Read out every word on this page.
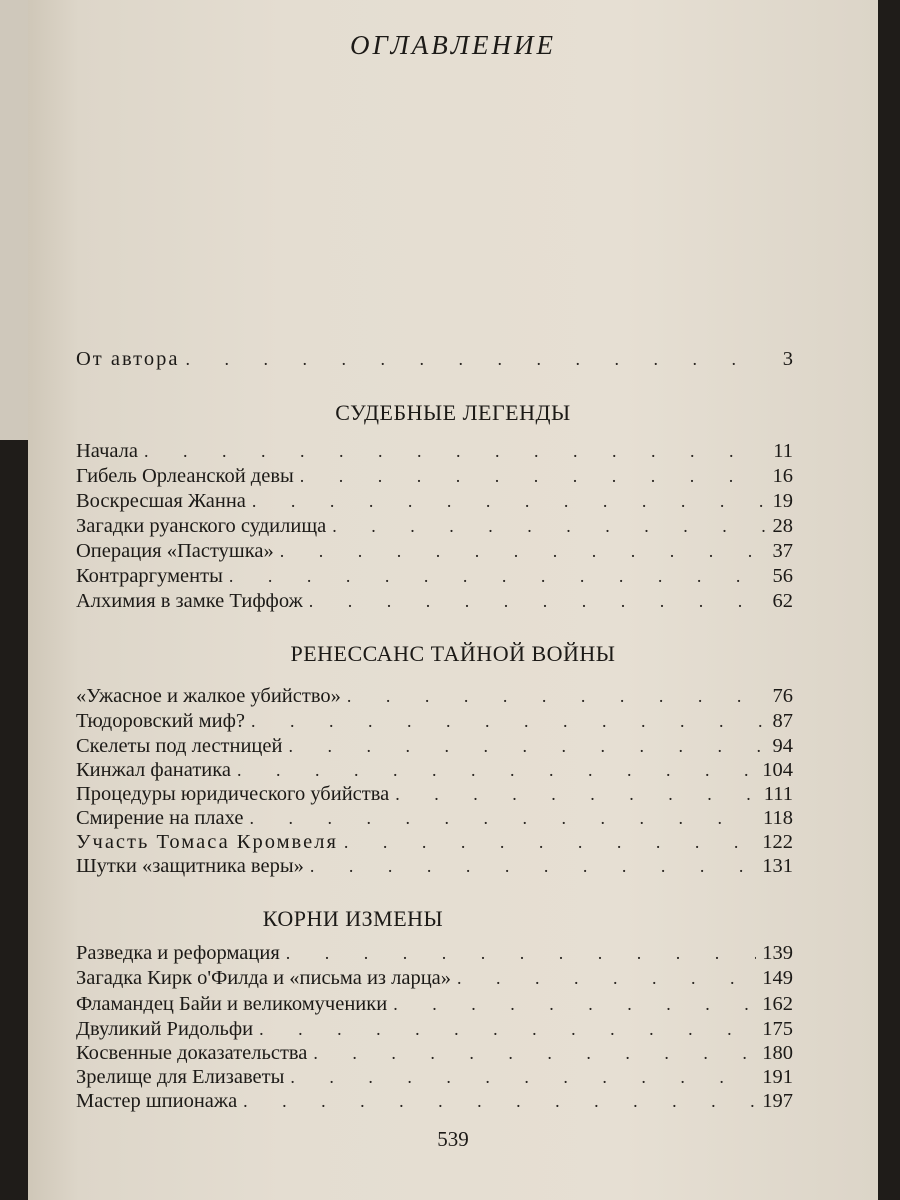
ОГЛАВЛЕНИЕ
От автора . . .	3
СУДЕБНЫЕ ЛЕГЕНДЫ
Начала . . .	11
Гибель Орлеанской девы . . .	16
Воскресшая Жанна . . .	19
Загадки руанского судилища . . .	28
Операция «Пастушка» . . .	37
Контраргументы . . .	56
Алхимия в замке Тиффож . . .	62
РЕНЕССАНС ТАЙНОЙ ВОЙНЫ
«Ужасное и жалкое убийство» . . .	76
Тюдоровский миф? . . .	87
Скелеты под лестницей . . .	94
Кинжал фанатика . . .	104
Процедуры юридического убийства . . .	111
Смирение на плахе . . .	118
Участь Томаса Кромвеля . . .	122
Шутки «защитника веры» . . .	131
КОРНИ ИЗМЕНЫ
Разведка и реформация . . .	139
Загадка Кирк о'Филда и «письма из ларца» . . .	149
Фламандец Байи и великомученики . . .	162
Двуликий Ридольфи . . .	175
Косвенные доказательства . . .	180
Зрелище для Елизаветы . . .	191
Мастер шпионажа . . .	197
539
